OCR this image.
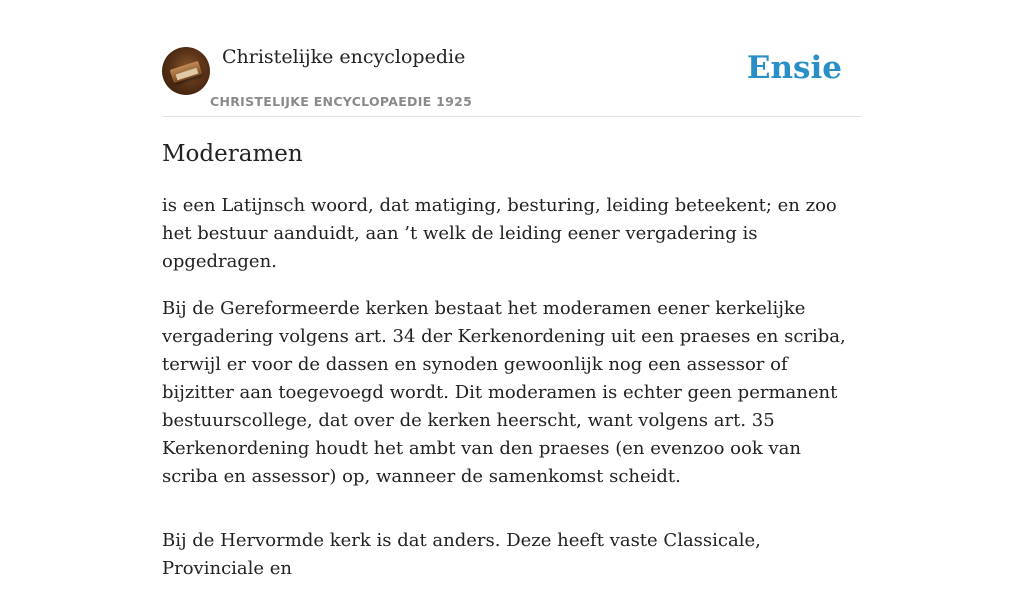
Christelijke encyclopedie
CHRISTELIJKE ENCYCLOPAEDIE 1925
Ensie
Moderamen

is een Latijnsch woord, dat matiging, besturing, leiding beteekent; en zoo het bestuur aanduidt, aan ’t welk de leiding eener vergadering is opgedragen.

Bij de Gereformeerde kerken bestaat het moderamen eener kerkelijke vergadering volgens art. 34 der Kerkenordening uit een praeses en scriba, terwijl er voor de dassen en synoden gewoonlijk nog een assessor of bijzitter aan toegevoegd wordt. Dit moderamen is echter geen permanent bestuurscollege, dat over de kerken heerscht, want volgens art. 35 Kerkenordening houdt het ambt van den praeses (en evenzoo ook van scriba en assessor) op, wanneer de samenkomst scheidt.

Bij de Hervormde kerk is dat anders. Deze heeft vaste Classicale, Provinciale en
